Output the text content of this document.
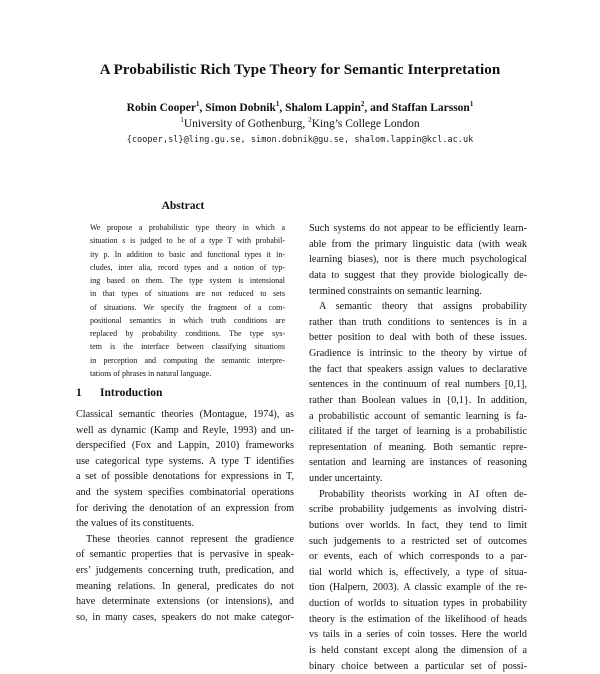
A Probabilistic Rich Type Theory for Semantic Interpretation
Robin Cooper$^1$, Simon Dobnik$^1$, Shalom Lappin$^2$, and Staffan Larsson$^1$
$^1$University of Gothenburg, $^2$King’s College London
{cooper,sl}@ling.gu.se, simon.dobnik@gu.se, shalom.lappin@kcl.ac.uk
Abstract
We propose a probabilistic type theory in which a
situation s is judged to be of a type T with probabil-
ity p. In addition to basic and functional types it in-
cludes, inter alia, record types and a notion of typ-
ing based on them. The type system is intensional
in that types of situations are not reduced to sets
of situations. We specify the fragment of a com-
positional semantics in which truth conditions are
replaced by probability conditions. The type sys-
tem is the interface between classifying situations
in perception and computing the semantic interpre-
tations of phrases in natural language.
1 Introduction
Classical semantic theories (Montague, 1974), as
well as dynamic (Kamp and Reyle, 1993) and un-
derspecified (Fox and Lappin, 2010) frameworks
use categorical type systems. A type T identifies
a set of possible denotations for expressions in T,
and the system specifies combinatorial operations
for deriving the denotation of an expression from
the values of its constituents.
These theories cannot represent the gradience
of semantic properties that is pervasive in speak-
ers’ judgements concerning truth, predication, and
meaning relations. In general, predicates do not
have determinate extensions (or intensions), and
so, in many cases, speakers do not make categor-
Such systems do not appear to be efficiently learn-
able from the primary linguistic data (with weak
learning biases), nor is there much psychological
data to suggest that they provide biologically de-
termined constraints on semantic learning.
A semantic theory that assigns probability
rather than truth conditions to sentences is in a
better position to deal with both of these issues.
Gradience is intrinsic to the theory by virtue of
the fact that speakers assign values to declarative
sentences in the continuum of real numbers [0,1],
rather than Boolean values in {0,1}. In addition,
a probabilistic account of semantic learning is fa-
cilitated if the target of learning is a probabilistic
representation of meaning. Both semantic repre-
sentation and learning are instances of reasoning
under uncertainty.
Probability theorists working in AI often de-
scribe probability judgements as involving distri-
butions over worlds. In fact, they tend to limit
such judgements to a restricted set of outcomes
or events, each of which corresponds to a par-
tial world which is, effectively, a type of situa-
tion (Halpern, 2003). A classic example of the re-
duction of worlds to situation types in probability
theory is the estimation of the likelihood of heads
vs tails in a series of coin tosses. Here the world
is held constant except along the dimension of a
binary choice between a particular set of possi-
